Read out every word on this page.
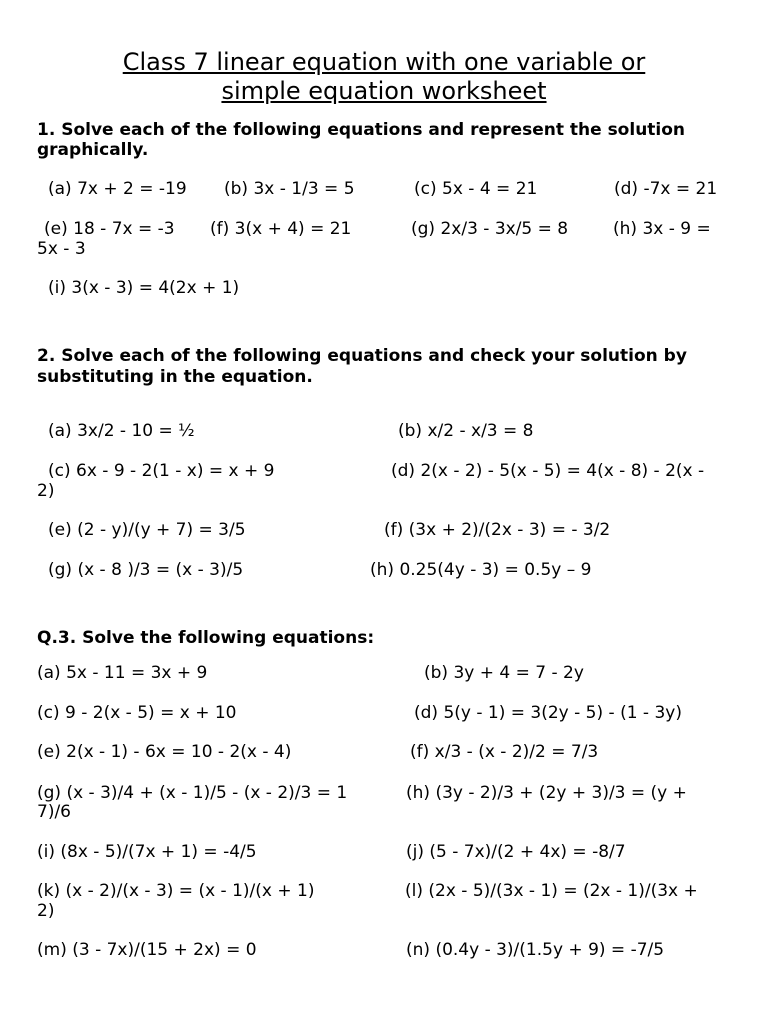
Class 7 linear equation with one variable or
simple equation worksheet
1. Solve each of the following equations and represent the solution
graphically.
(a) 7x + 2 = -19 (b) 3x - 1/3 = 5	(c) 5x - 4 = 21	(d) -7x = 21
(e) 18 - 7x = -3 (f) 3(x + 4) = 21	(g) 2x/3 - 3x/5 = 8	(h) 3x - 9 =
5x - 3
(i) 3(x - 3) = 4(2x + 1)
2. Solve each of the following equations and check your solution by
substituting in the equation.
(a) 3x/2 - 10 = ½	(b) x/2 - x/3 = 8
(c) 6x - 9 - 2(1 - x) = x + 9	(d) 2(x - 2) - 5(x - 5) = 4(x - 8) - 2(x -
2)
(e) (2 - y)/(y + 7) = 3/5	(f) (3x + 2)/(2x - 3) = - 3/2
(g) (x - 8 )/3 = (x - 3)/5	(h) 0.25(4y - 3) = 0.5y – 9
Q.3. Solve the following equations:
(a) 5x - 11 = 3x + 9	(b) 3y + 4 = 7 - 2y
(c) 9 - 2(x - 5) = x + 10	(d) 5(y - 1) = 3(2y - 5) - (1 - 3y)
(e) 2(x - 1) - 6x = 10 - 2(x - 4)	(f) x/3 - (x - 2)/2 = 7/3
(g) (x - 3)/4 + (x - 1)/5 - (x - 2)/3 = 1	(h) (3y - 2)/3 + (2y + 3)/3 = (y +
7)/6
(i) (8x - 5)/(7x + 1) = -4/5	(j) (5 - 7x)/(2 + 4x) = -8/7
(k) (x - 2)/(x - 3) = (x - 1)/(x + 1)	(l) (2x - 5)/(3x - 1) = (2x - 1)/(3x +
2)
(m) (3 - 7x)/(15 + 2x) = 0	(n) (0.4y - 3)/(1.5y + 9) = -7/5
